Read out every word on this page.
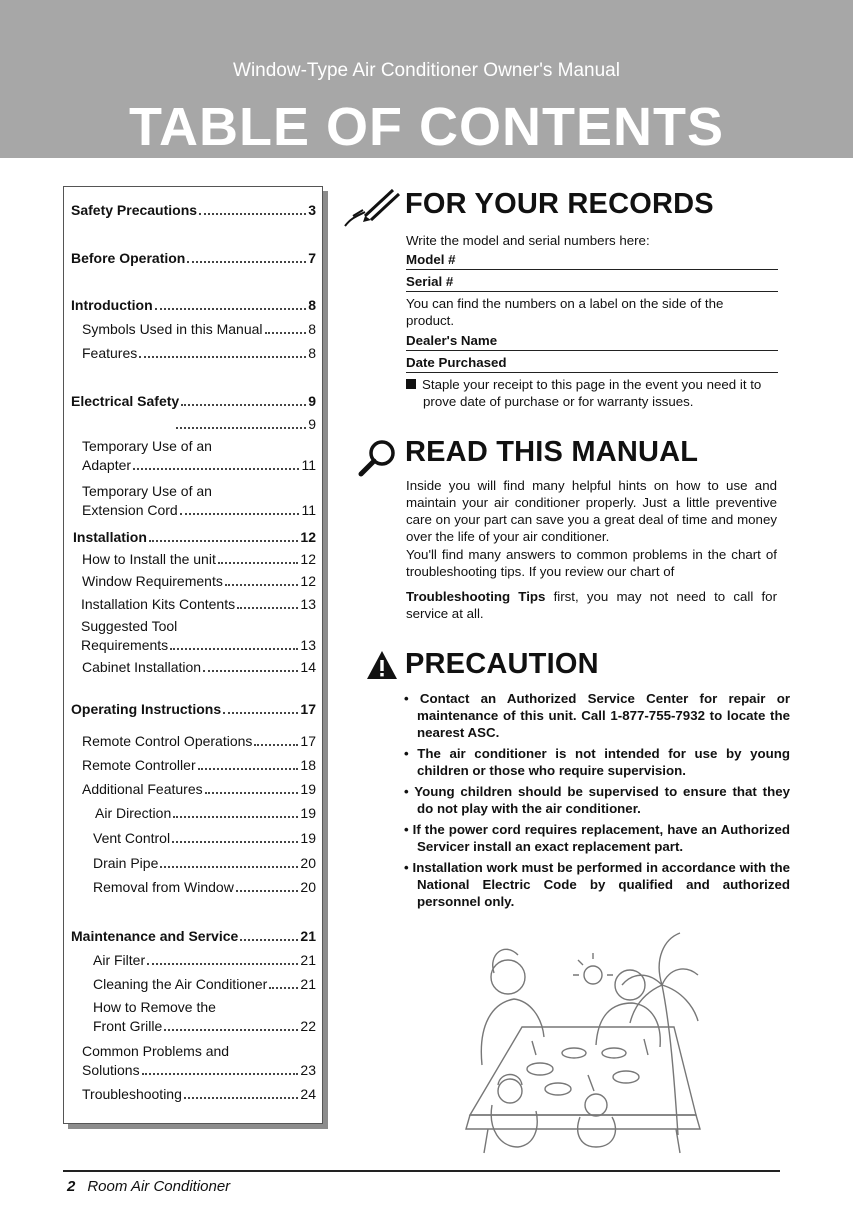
Window-Type Air Conditioner Owner's Manual
TABLE OF CONTENTS
Safety Precautions	3
Before Operation	7
Introduction	8
Symbols Used in this Manual	8
Features	8
Electrical Safety	9
9
Temporary Use of an
Adapter	11
Temporary Use of an
Extension Cord	11
Installation	12
How to Install the unit	12
Window Requirements	12
Installation Kits Contents	13
Suggested Tool
Requirements	13
Cabinet Installation	14
Operating Instructions	17
Remote Control Operations	17
Remote Controller	18
Additional Features	19
Air Direction	19
Vent Control	19
Drain Pipe	20
Removal from Window	20
Maintenance and Service	21
Air Filter	21
Cleaning the Air Conditioner 21
How to Remove the
Front Grille	22
Common Problems and
Solutions	23
Troubleshooting	24
FOR YOUR RECORDS
Write the model and serial numbers here:
Model #
Serial #
You can find the numbers on a label on the side of the product.
Dealer's Name
Date Purchased
Staple your receipt to this page in the event you need it to prove date of purchase or for warranty issues.
READ THIS MANUAL
Inside you will find many helpful hints on how to use and maintain your air conditioner properly. Just a little preventive care on your part can save you a great deal of time and money over the life of your air conditioner.
You'll find many answers to common problems in the chart of troubleshooting tips. If you review our chart of
Troubleshooting Tips first, you may not need to call for service at all.
PRECAUTION
• Contact an Authorized Service Center for repair or maintenance of this unit. Call 1-877-755-7932 to locate the nearest ASC.
• The air conditioner is not intended for use by young children or those who require supervision.
• Young children should be supervised to ensure that they do not play with the air conditioner.
• If the power cord requires replacement, have an Authorized Servicer install an exact replacement part.
• Installation work must be performed in accordance with the National Electric Code by qualified and authorized personnel only.
2 Room Air Conditioner
